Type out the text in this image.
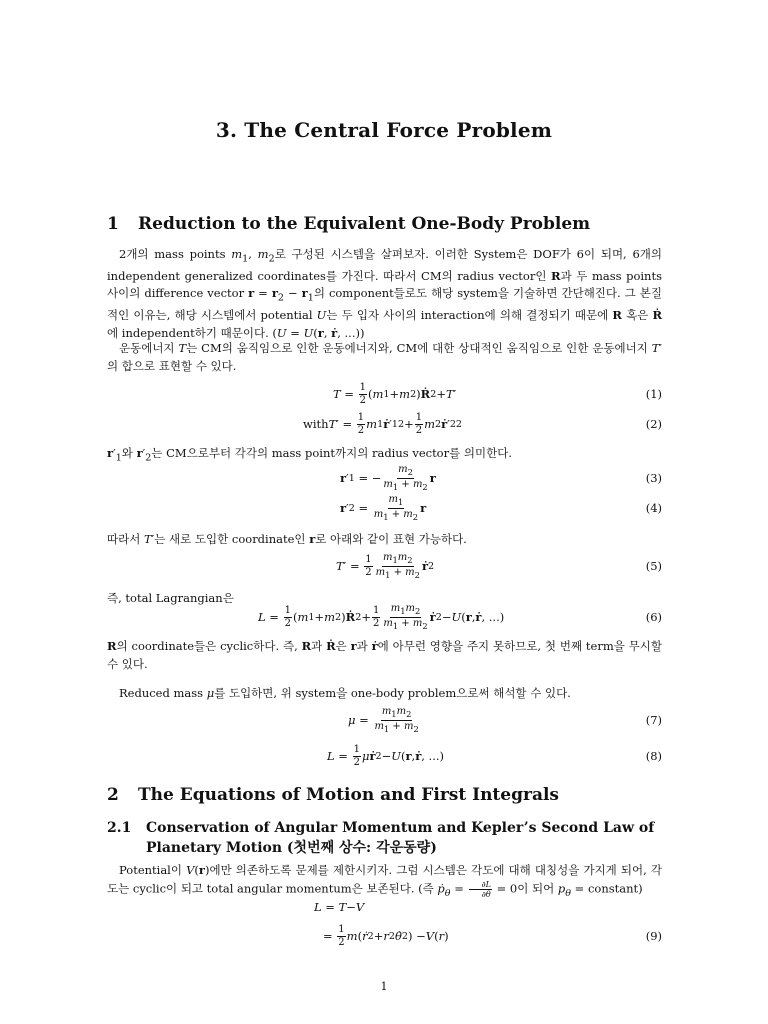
3. The Central Force Problem
1 Reduction to the Equivalent One-Body Problem
2개의 mass points $m_1$, $m_2$로 구성된 시스템을 살펴보자. 이러한 System은 DOF가 6이 되며, 6개의 independent generalized coordinates를 가진다. 따라서 CM의 radius vector인 R과 두 mass points 사이의 difference vector $r = r_2 - r_1$의 component들로도 해당 system을 기술하면 간단해진다. 그 본질적인 이유는, 해당 시스템에서 potential U는 두 입자 사이의 interaction에 의해 결정되기 때문에 R 혹은 Ṙ에 independent하기 때문이다. (U = U(r, ṙ, ...))
운동에너지 T는 CM의 움직임으로 인한 운동에너지와, CM에 대한 상대적인 움직임으로 인한 운동에너지 T′의 합으로 표현할 수 있다.
$T = \frac{1}{2}$ ( m 1 + m 2 ) Ṙ 2 + T ′	(1)
with T ′ = $\frac{1}{2}$ m 1 ṙ ′ 1 $2 + \frac{1}{2}$ m 2 ṙ ′ 2 2	(2)
$r'_1$와 $r'_2$는 CM으로부터 각각의 mass point까지의 radius vector를 의미한다.
r ′ 1 = − $\frac{m_2}{m_1 + m_2}$ r	(3)
r ′ $2 = \frac{m_1}{m_1 + m_2}$ r	(4)
따라서 T′는 새로 도입한 coordinate인 r로 아래와 같이 표현 가능하다.
T ′ = $\frac{1}{2} \frac{m_1m_2}{m_1 + m_2}$ ṙ 2	(5)
즉, total Lagrangian은
$L = \frac{1}{2}$ ( m 1 + m 2 ) Ṙ $2 + \frac{1}{2} \frac{m_1m_2}{m_1 + m_2}$ ṙ 2 − U ( r , ṙ , ...)	(6)
R의 coordinate들은 cyclic하다. 즉, R과 Ṙ은 r과 ṙ에 아무런 영향을 주지 못하므로, 첫 번째 term을 무시할 수 있다.
Reduced mass μ를 도입하면, 위 system을 one-body problem으로써 해석할 수 있다.
$\mu = \frac{m_1m_2}{m_1 + m_2}$	(7)
$L = \frac{1}{2}$ μ ṙ 2 − U ( r , ṙ , ...)	(8)
2 The Equations of Motion and First Integrals
2.1	Conservation of Angular Momentum and Kepler’s Second Law of Planetary Motion (첫번째 상수: 각운동량)
Potential이 V(r)에만 의존하도록 문제를 제한시키자. 그럼 시스템은 각도에 대해 대칭성을 가지게 되어, 각도는 cyclic이 되고 total angular momentum은 보존된다. (즉 ṗ$_\theta$ = $\frac{\partial L}{\partial\theta} = 0$이 되어 $p_\theta$ = constant)
L = T − V
= $\frac{1}{2}$ m ( ṙ 2 + r 2 θ̇ 2 ) − V ( r )	(9)
1
